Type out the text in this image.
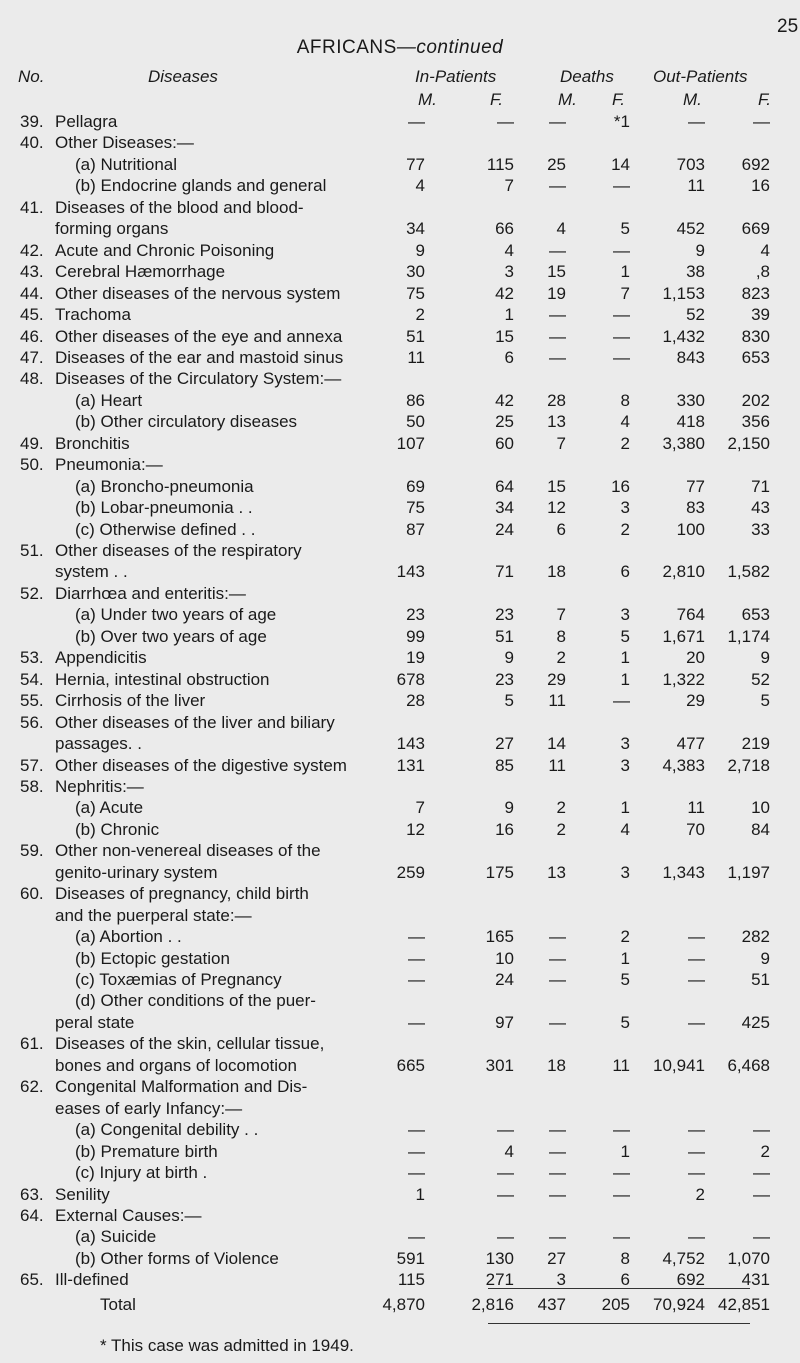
25
AFRICANS—continued
No.	Diseases	In-Patients	Deaths Out-Patients
M.	F.	M. F.	M.	F.
39. Pellagra	—	— —	*1	—	—
40. Other Diseases:—
(a) Nutritional	77	115 25	14	703 692
(b) Endocrine glands and general	4	7 —	—	11	16
41. Diseases of the blood and blood-
forming organs	34	66	4	5	452 669
42. Acute and Chronic Poisoning	9	4 —	—	9	4
43. Cerebral Hæmorrhage	30	3 15	1	38	,8
44. Other diseases of the nervous system	75	42 19	7 1,153 823
45. Trachoma	2	1 —	—	52	39
46. Other diseases of the eye and annexa	51	15 —	— 1,432 830
47. Diseases of the ear and mastoid sinus	11	6 —	—	843 653
48. Diseases of the Circulatory System:—
(a) Heart	86	42 28	8	330 202
(b) Other circulatory diseases	50	25 13	4	418 356
49. Bronchitis	107	60	7	2 3,380 2,150
50. Pneumonia:—
(a) Broncho-pneumonia	69	64 15	16	77	71
(b) Lobar-pneumonia . .	75	34 12	3	83	43
(c) Otherwise defined . .	87	24	6	2	100	33
51. Other diseases of the respiratory
system . .	143	71 18	6 2,810 1,582
52. Diarrhœa and enteritis:—
(a) Under two years of age	23	23	7	3	764 653
(b) Over two years of age	99	51	8	5 1,671 1,174
53. Appendicitis	19	9	2	1	20	9
54. Hernia, intestinal obstruction	678	23 29	1 1,322	52
55. Cirrhosis of the liver	28	5 11	—	29	5
56. Other diseases of the liver and biliary
passages. .	143	27 14	3	477 219
57. Other diseases of the digestive system	131	85 11	3 4,383 2,718
58. Nephritis:—
(a) Acute	7	9	2	1	11	10
(b) Chronic	12	16	2	4	70	84
59. Other non-venereal diseases of the
genito-urinary system	259	175 13	3 1,343 1,197
60. Diseases of pregnancy, child birth
and the puerperal state:—
(a) Abortion . .	—	165 —	2	— 282
(b) Ectopic gestation	—	10 —	1	—	9
(c) Toxæmias of Pregnancy	—	24 —	5	—	51
(d) Other conditions of the puer-
peral state	—	97 —	5	— 425
61. Diseases of the skin, cellular tissue,
bones and organs of locomotion	665	301 18	11 10,941 6,468
62. Congenital Malformation and Dis-
eases of early Infancy:—
(a) Congenital debility . .	—	— —	—	—	—
(b) Premature birth	—	4 —	1	—	2
(c) Injury at birth .	—	— —	—	—	—
63. Senility	1	— —	—	2	—
64. External Causes:—
(a) Suicide	—	— —	—	—	—
(b) Other forms of Violence	591	130 27	8 4,752 1,070
65. Ill-defined	115	271	3	6	692 431
Total	4,870	2,816 437 205 70,924 42,851
* This case was admitted in 1949.
